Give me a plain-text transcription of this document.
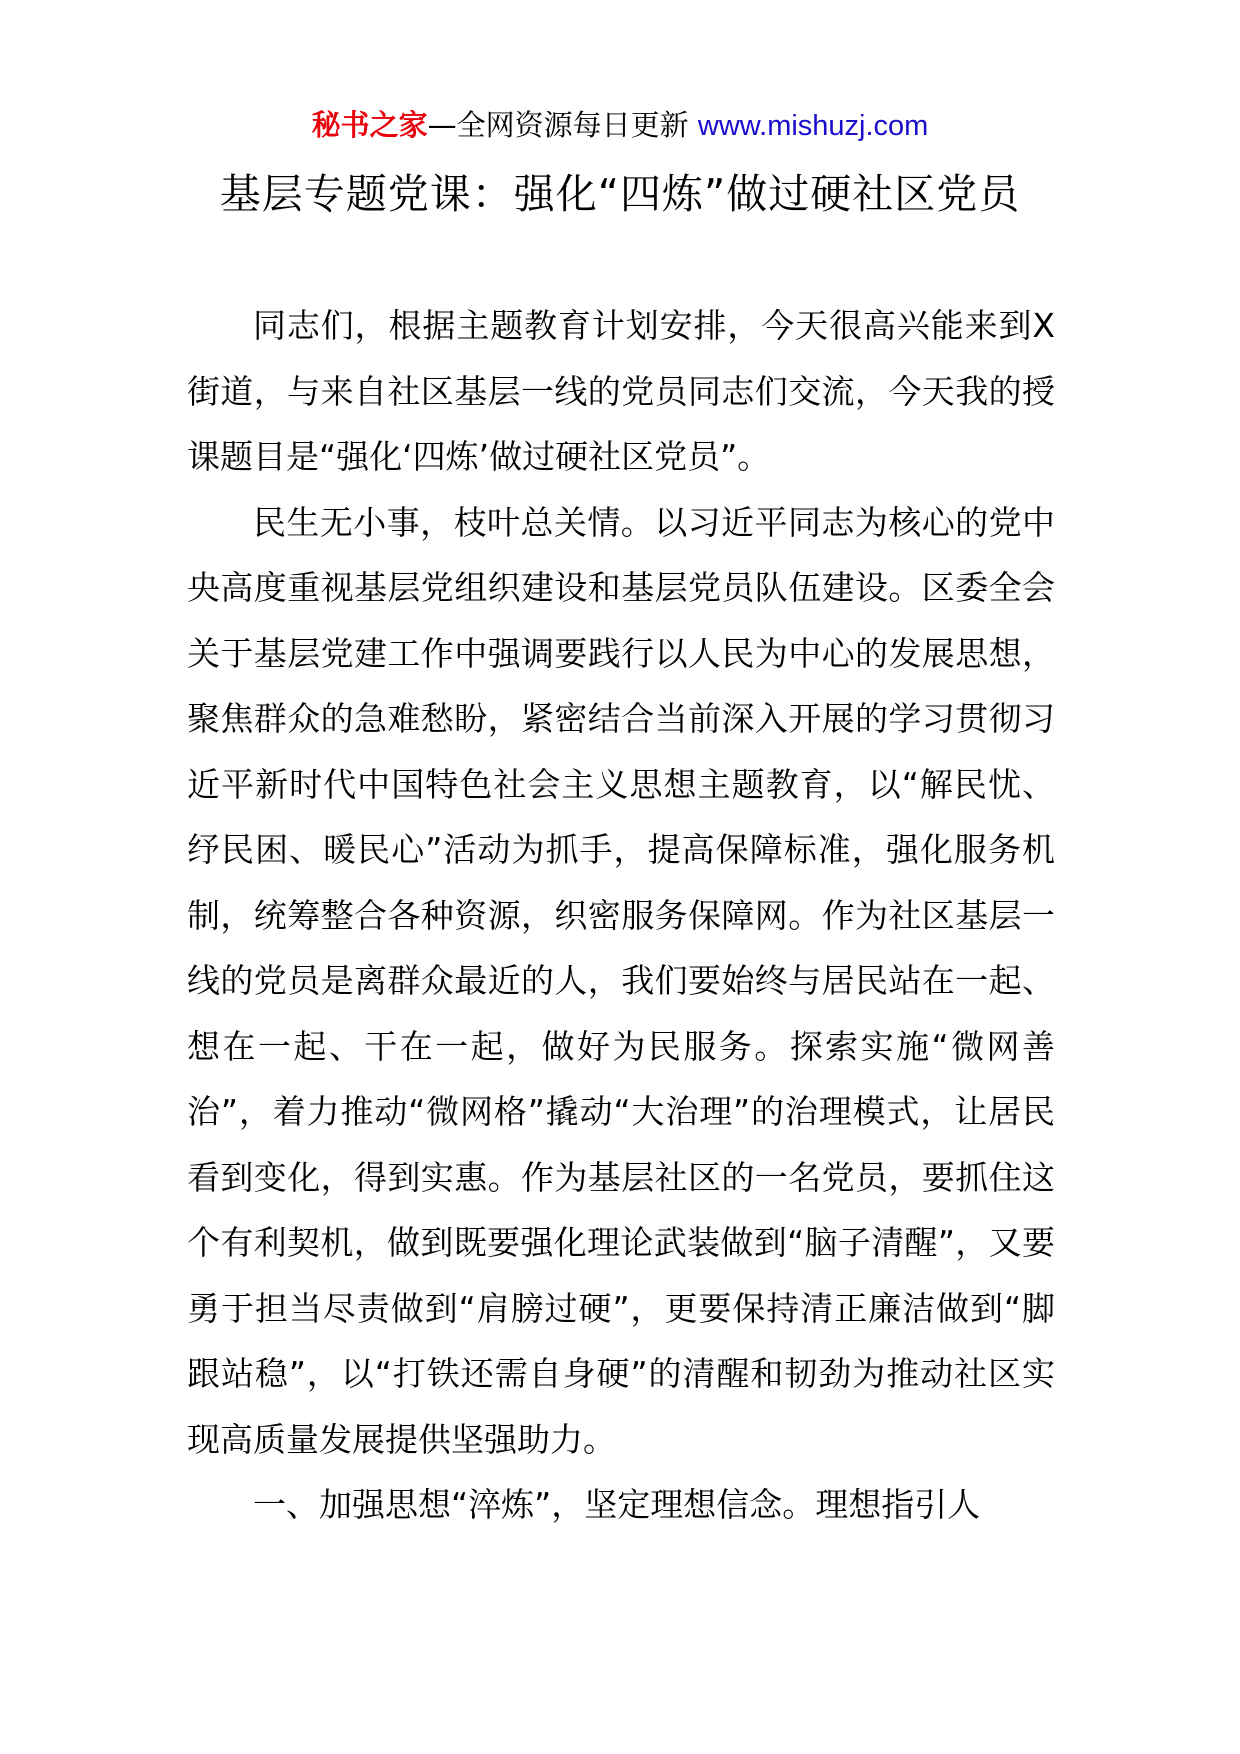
秘书之家—全网资源每日更新 www.mishuzj.com
基层专题党课：强化“四炼”做过硬社区党员

同志们，根据主题教育计划安排，今天很高兴能来到X街道，与来自社区基层一线的党员同志们交流，今天我的授课题目是“强化‘四炼’做过硬社区党员”。

民生无小事，枝叶总关情。以习近平同志为核心的党中央高度重视基层党组织建设和基层党员队伍建设。区委全会关于基层党建工作中强调要践行以人民为中心的发展思想，聚焦群众的急难愁盼，紧密结合当前深入开展的学习贯彻习近平新时代中国特色社会主义思想主题教育，以“解民忧、纾民困、暖民心”活动为抓手，提高保障标准，强化服务机制，统筹整合各种资源，织密服务保障网。作为社区基层一线的党员是离群众最近的人，我们要始终与居民站在一起、想在一起、干在一起，做好为民服务。探索实施“微网善治”，着力推动“微网格”撬动“大治理”的治理模式，让居民看到变化，得到实惠。作为基层社区的一名党员，要抓住这个有利契机，做到既要强化理论武装做到“脑子清醒”，又要勇于担当尽责做到“肩膀过硬”，更要保持清正廉洁做到“脚跟站稳”，以“打铁还需自身硬”的清醒和韧劲为推动社区实现高质量发展提供坚强助力。

一、加强思想“淬炼”，坚定理想信念。理想指引人
